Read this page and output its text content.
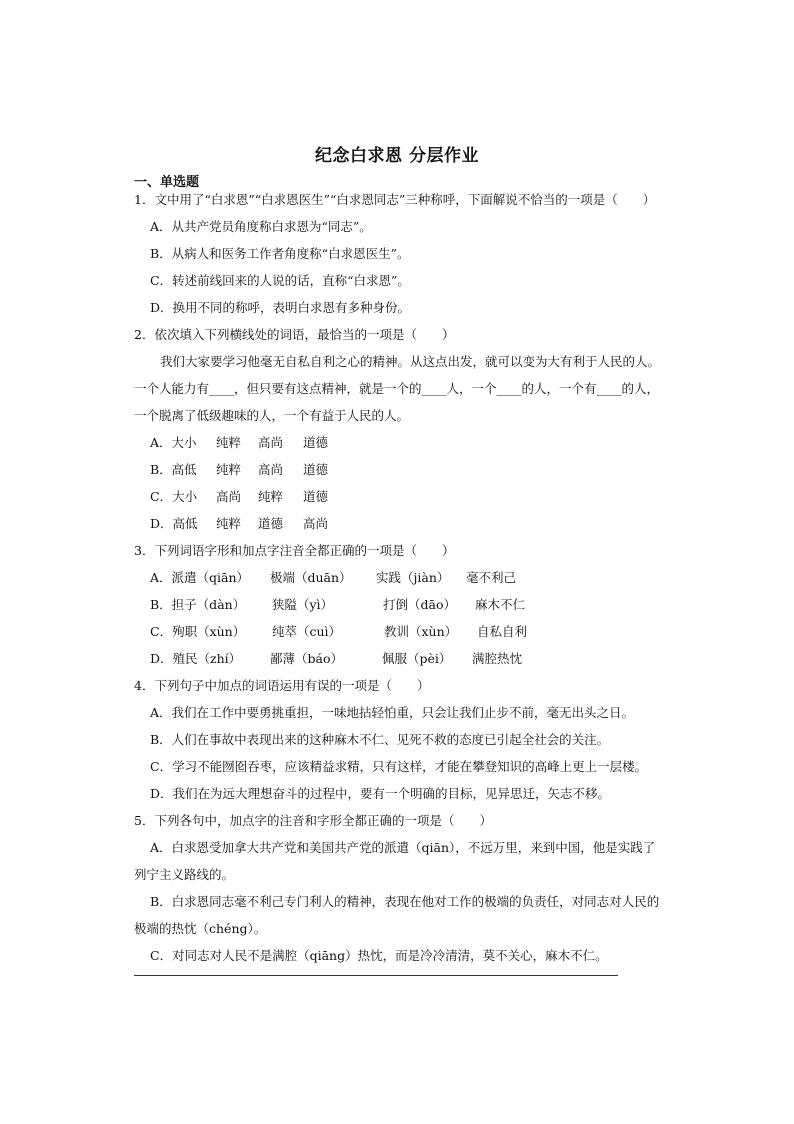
纪念白求恩 分层作业
一、单选题
1．文中用了“白求恩”“白求恩医生”“白求恩同志”三种称呼，下面解说不恰当的一项是（　　）
A．从共产党员角度称白求恩为“同志”。
B．从病人和医务工作者角度称“白求恩医生”。
C．转述前线回来的人说的话，直称“白求恩”。
D．换用不同的称呼，表明白求恩有多种身份。
2．依次填入下列横线处的词语，最恰当的一项是（　　）
我们大家要学习他毫无自私自利之心的精神。从这点出发，就可以变为大有利于人民的人。
一个人能力有____，但只要有这点精神，就是一个的____人，一个____的人，一个有____的人，
一个脱离了低级趣味的人，一个有益于人民的人。
A．大小 纯粹 高尚 道德
B．高低 纯粹 高尚 道德
C．大小 高尚 纯粹 道德
D．高低 纯粹 道德 高尚
3．下列词语字形和加点字注音全都正确的一项是（　　）
A．派遣（qiān） 极端（duān） 实践（jiàn） 毫不利己
B．担子（dàn） 狭隘（yì）	打倒（dāo） 麻木不仁
C．殉职（xùn） 纯萃（cuì）	教训（xùn） 自私自利
D．殖民（zhí） 鄙薄（báo）	佩服（pèi） 满腔热忱
4．下列句子中加点的词语运用有误的一项是（　　）
A．我们在工作中要勇挑重担，一味地拈轻怕重，只会让我们止步不前，毫无出头之日。
B．人们在事故中表现出来的这种麻木不仁、见死不救的态度已引起全社会的关注。
C．学习不能囫囵吞枣，应该精益求精，只有这样，才能在攀登知识的高峰上更上一层楼。
D．我们在为远大理想奋斗的过程中，要有一个明确的目标，见异思迁，矢志不移。
5．下列各句中，加点字的注音和字形全都正确的一项是（　　）
A．白求恩受加拿大共产党和美国共产党的派遣（qiān），不远万里，来到中国，他是实践了
列宁主义路线的。
B．白求恩同志毫不利己专门利人的精神，表现在他对工作的极端的负责任，对同志对人民的
极端的热忱（chéng）。
C．对同志对人民不是满腔（qiāng）热忱，而是冷冷清清，莫不关心，麻木不仁。
